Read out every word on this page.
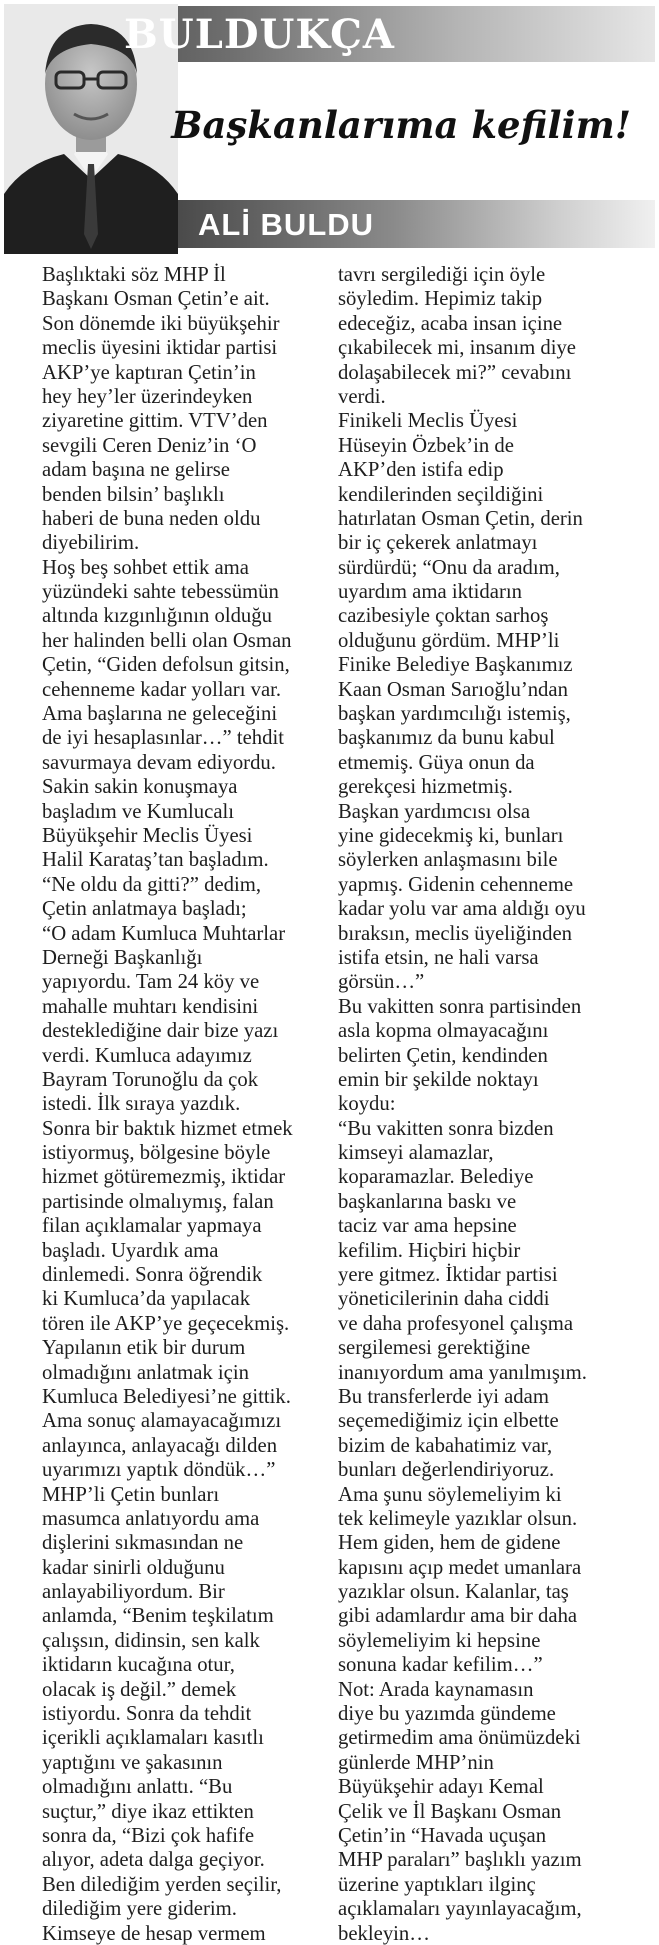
BULDUKÇA
Başkanlarıma kefilim!
ALİ BULDU
Başlıktaki söz MHP İl
Başkanı Osman Çetin’e ait.
Son dönemde iki büyükşehir
meclis üyesini iktidar partisi
AKP’ye kaptıran Çetin’in
hey hey’ler üzerindeyken
ziyaretine gittim. VTV’den
sevgili Ceren Deniz’in ‘O
adam başına ne gelirse
benden bilsin’ başlıklı
haberi de buna neden oldu
diyebilirim.
Hoş beş sohbet ettik ama
yüzündeki sahte tebessümün
altında kızgınlığının olduğu
her halinden belli olan Osman
Çetin, “Giden defolsun gitsin,
cehenneme kadar yolları var.
Ama başlarına ne geleceğini
de iyi hesaplasınlar…” tehdit
savurmaya devam ediyordu.
Sakin sakin konuşmaya
başladım ve Kumlucalı
Büyükşehir Meclis Üyesi
Halil Karataş’tan başladım.
“Ne oldu da gitti?” dedim,
Çetin anlatmaya başladı;
“O adam Kumluca Muhtarlar
Derneği Başkanlığı
yapıyordu. Tam 24 köy ve
mahalle muhtarı kendisini
desteklediğine dair bize yazı
verdi. Kumluca adayımız
Bayram Torunoğlu da çok
istedi. İlk sıraya yazdık.
Sonra bir baktık hizmet etmek
istiyormuş, bölgesine böyle
hizmet götüremezmiş, iktidar
partisinde olmalıymış, falan
filan açıklamalar yapmaya
başladı. Uyardık ama
dinlemedi. Sonra öğrendik
ki Kumluca’da yapılacak
tören ile AKP’ye geçecekmiş.
Yapılanın etik bir durum
olmadığını anlatmak için
Kumluca Belediyesi’ne gittik.
Ama sonuç alamayacağımızı
anlayınca, anlayacağı dilden
uyarımızı yaptık döndük…”
MHP’li Çetin bunları
masumca anlatıyordu ama
dişlerini sıkmasından ne
kadar sinirli olduğunu
anlayabiliyordum. Bir
anlamda, “Benim teşkilatım
çalışsın, didinsin, sen kalk
iktidarın kucağına otur,
olacak iş değil.” demek
istiyordu. Sonra da tehdit
içerikli açıklamaları kasıtlı
yaptığını ve şakasının
olmadığını anlattı. “Bu
suçtur,” diye ikaz ettikten
sonra da, “Bizi çok hafife
alıyor, adeta dalga geçiyor.
Ben dilediğim yerden seçilir,
dilediğim yere giderim.
Kimseye de hesap vermem
tavrı sergilediği için öyle
söyledim. Hepimiz takip
edeceğiz, acaba insan içine
çıkabilecek mi, insanım diye
dolaşabilecek mi?” cevabını
verdi.
Finikeli Meclis Üyesi
Hüseyin Özbek’in de
AKP’den istifa edip
kendilerinden seçildiğini
hatırlatan Osman Çetin, derin
bir iç çekerek anlatmayı
sürdürdü; “Onu da aradım,
uyardım ama iktidarın
cazibesiyle çoktan sarhoş
olduğunu gördüm. MHP’li
Finike Belediye Başkanımız
Kaan Osman Sarıoğlu’ndan
başkan yardımcılığı istemiş,
başkanımız da bunu kabul
etmemiş. Güya onun da
gerekçesi hizmetmiş.
Başkan yardımcısı olsa
yine gidecekmiş ki, bunları
söylerken anlaşmasını bile
yapmış. Gidenin cehenneme
kadar yolu var ama aldığı oyu
bıraksın, meclis üyeliğinden
istifa etsin, ne hali varsa
görsün…”
Bu vakitten sonra partisinden
asla kopma olmayacağını
belirten Çetin, kendinden
emin bir şekilde noktayı
koydu:
“Bu vakitten sonra bizden
kimseyi alamazlar,
koparamazlar. Belediye
başkanlarına baskı ve
taciz var ama hepsine
kefilim. Hiçbiri hiçbir
yere gitmez. İktidar partisi
yöneticilerinin daha ciddi
ve daha profesyonel çalışma
sergilemesi gerektiğine
inanıyordum ama yanılmışım.
Bu transferlerde iyi adam
seçemediğimiz için elbette
bizim de kabahatimiz var,
bunları değerlendiriyoruz.
Ama şunu söylemeliyim ki
tek kelimeyle yazıklar olsun.
Hem giden, hem de gidene
kapısını açıp medet umanlara
yazıklar olsun. Kalanlar, taş
gibi adamlardır ama bir daha
söylemeliyim ki hepsine
sonuna kadar kefilim…”
Not: Arada kaynamasın
diye bu yazımda gündeme
getirmedim ama önümüzdeki
günlerde MHP’nin
Büyükşehir adayı Kemal
Çelik ve İl Başkanı Osman
Çetin’in “Havada uçuşan
MHP paraları” başlıklı yazım
üzerine yaptıkları ilginç
açıklamaları yayınlayacağım,
bekleyin…
